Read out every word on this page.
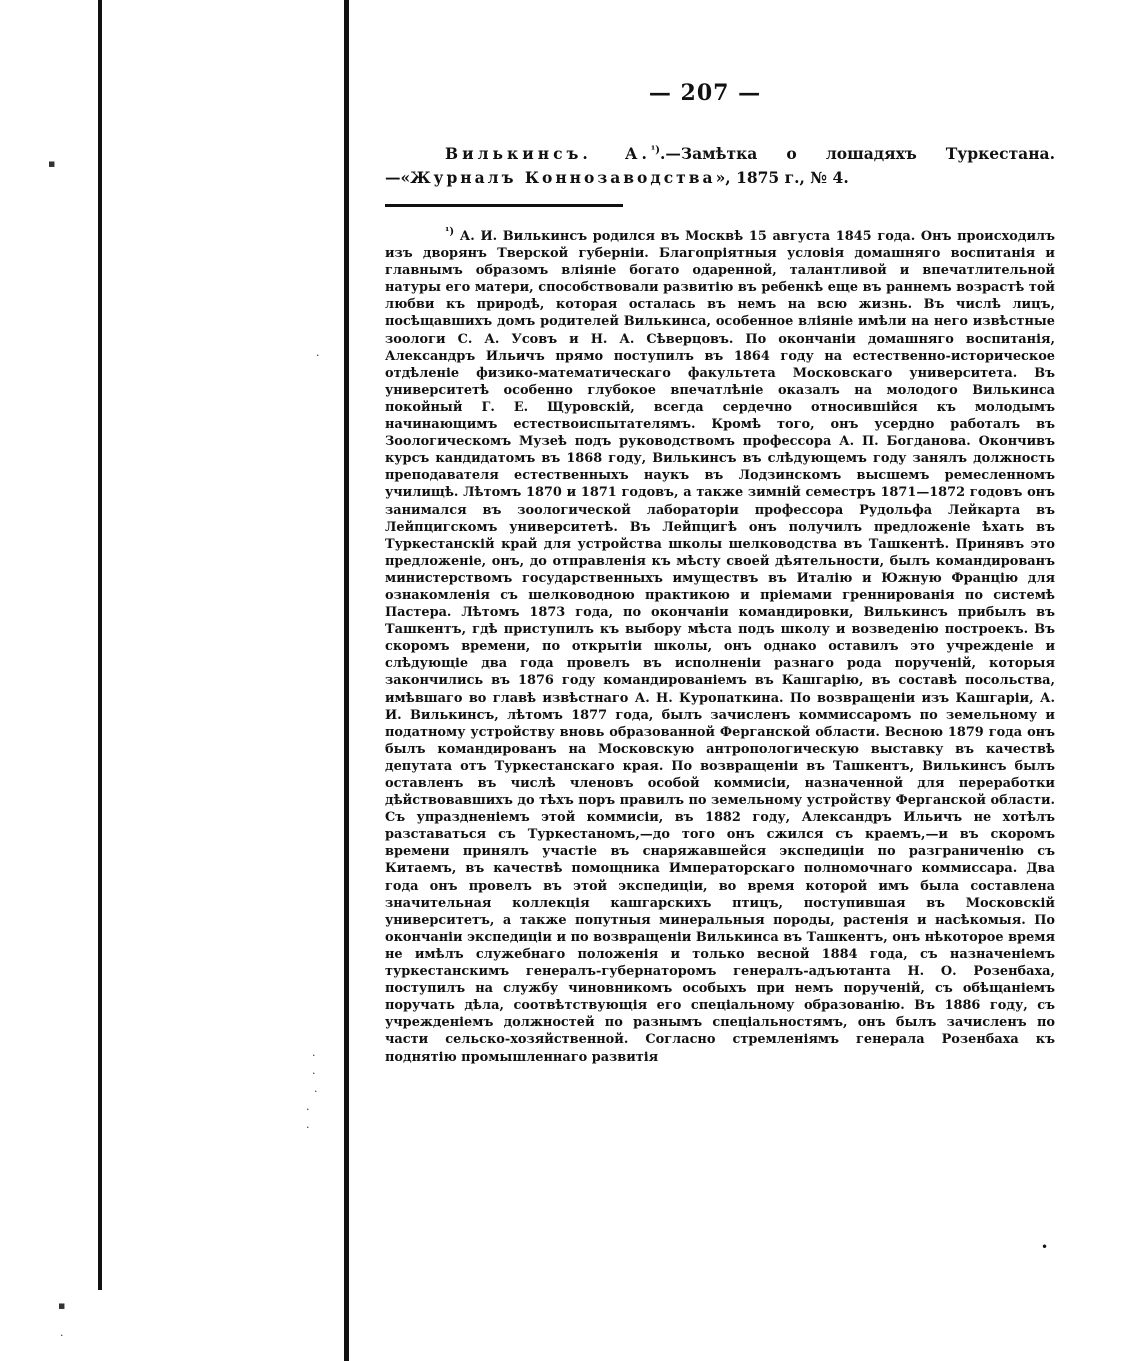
▪
·
·
·
·
·
·
▪
·
— 207 —

Вилькинсъ. А.$^{^1)}$.—Замѣтка о лошадяхъ Туркестана.—«Журналъ Коннозаводства», 1875 г., № 4.

$^{^1)}$ А. И. Вилькинсъ родился въ Москвѣ 15 августа 1845 года. Онъ происходилъ изъ дворянъ Тверской губерніи. Благопріятныя условія домашняго воспитанія и главнымъ образомъ вліяніе богато одаренной, талантливой и впечатлительной натуры его матери, способствовали развитію въ ребенкѣ еще въ раннемъ возрастѣ той любви къ природѣ, которая осталась въ немъ на всю жизнь. Въ числѣ лицъ, посѣщавшихъ домъ родителей Вилькинса, особенное вліяніе имѣли на него извѣстные зоологи С. А. Усовъ и Н. А. Сѣверцовъ. По окончаніи домашняго воспитанія, Александръ Ильичъ прямо поступилъ въ 1864 году на естественно-историческое отдѣленіе физико-математическаго факультета Московскаго университета. Въ университетѣ особенно глубокое впечатлѣніе оказалъ на молодого Вилькинса покойный Г. Е. Щуровскій, всегда сердечно относившійся къ молодымъ начинающимъ естествоиспытателямъ. Кромѣ того, онъ усердно работалъ въ Зоологическомъ Музеѣ подъ руководствомъ профессора А. П. Богданова. Окончивъ курсъ кандидатомъ въ 1868 году, Вилькинсъ въ слѣдующемъ году занялъ должность преподавателя естественныхъ наукъ въ Лодзинскомъ высшемъ ремесленномъ училищѣ. Лѣтомъ 1870 и 1871 годовъ, а также зимній семестръ 1871—1872 годовъ онъ занимался въ зоологической лабораторіи профессора Рудольфа Лейкарта въ Лейпцигскомъ университетѣ. Въ Лейпцигѣ онъ получилъ предложеніе ѣхать въ Туркестанскій край для устройства школы шелководства въ Ташкентѣ. Принявъ это предложеніе, онъ, до отправленія къ мѣсту своей дѣятельности, былъ командированъ министерствомъ государственныхъ имуществъ въ Италію и Южную Францію для ознакомленія съ шелководною практикою и пріемами греннированія по системѣ Пастера. Лѣтомъ 1873 года, по окончаніи командировки, Вилькинсъ прибылъ въ Ташкентъ, гдѣ приступилъ къ выбору мѣста подъ школу и возведенію построекъ. Въ скоромъ времени, по открытіи школы, онъ однако оставилъ это учрежденіе и слѣдующіе два года провелъ въ исполненіи разнаго рода порученій, которыя закончились въ 1876 году командированіемъ въ Кашгарію, въ составѣ посольства, имѣвшаго во главѣ извѣстнаго А. Н. Куропаткина. По возвращеніи изъ Кашгаріи, А. И. Вилькинсъ, лѣтомъ 1877 года, былъ зачисленъ коммиссаромъ по земельному и податному устройству вновь образованной Ферганской области. Весною 1879 года онъ былъ командированъ на Московскую антропологическую выставку въ качествѣ депутата отъ Туркестанскаго края. По возвращеніи въ Ташкентъ, Вилькинсъ былъ оставленъ въ числѣ членовъ особой коммисіи, назначенной для переработки дѣйствовавшихъ до тѣхъ поръ правилъ по земельному устройству Ферганской области. Съ упраздненіемъ этой коммисіи, въ 1882 году, Александръ Ильичъ не хотѣлъ разставаться съ Туркестаномъ,—до того онъ сжился съ краемъ,—и въ скоромъ времени принялъ участіе въ снаряжавшейся экспедиціи по разграниченію съ Китаемъ, въ качествѣ помощника Императорскаго полномочнаго коммиссара. Два года онъ провелъ въ этой экспедиціи, во время которой имъ была составлена значительная коллекція кашгарскихъ птицъ, поступившая въ Московскій университетъ, а также попутныя минеральныя породы, растенія и насѣкомыя. По окончаніи экспедиціи и по возвращеніи Вилькинса въ Ташкентъ, онъ нѣкоторое время не имѣлъ служебнаго положенія и только весной 1884 года, съ назначеніемъ туркестанскимъ генералъ-губернаторомъ генералъ-адъютанта Н. О. Розенбаха, поступилъ на службу чиновникомъ особыхъ при немъ порученій, съ обѣщаніемъ поручать дѣла, соотвѣтствующія его спеціальному образованію. Въ 1886 году, съ учрежденіемъ должностей по разнымъ спеціальностямъ, онъ былъ зачисленъ по части сельско-хозяйственной. Согласно стремленіямъ генерала Розенбаха къ поднятію промышленнаго развитія

•
